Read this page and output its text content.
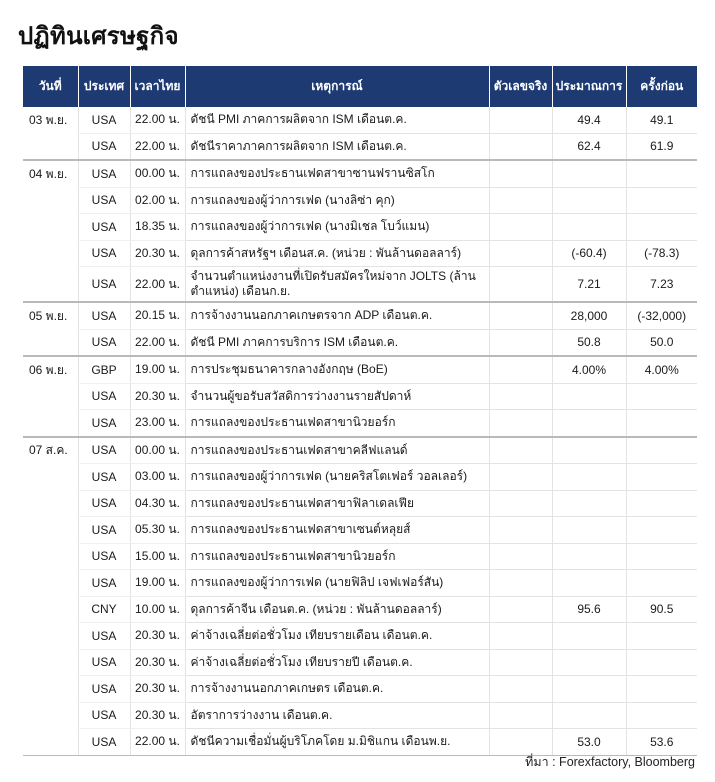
ปฏิทินเศรษฐกิจ
วันที่	ประเทศ	เวลาไทย	เหตุการณ์	ตัวเลขจริง	ประมาณการ	ครั้งก่อน
03 พ.ย.	USA	22.00 น.	ดัชนี PMI ภาคการผลิตจาก ISM เดือนต.ค.		49.4	49.1
	USA	22.00 น.	ดัชนีราคาภาคการผลิตจาก ISM เดือนต.ค.		62.4	61.9
04 พ.ย.	USA	00.00 น.	การแถลงของประธานเฟดสาขาซานฟรานซิสโก			
	USA	02.00 น.	การแถลงของผู้ว่าการเฟด (นางลิซ่า คุก)			
	USA	18.35 น.	การแถลงของผู้ว่าการเฟด (นางมิเชล โบว์แมน)			
	USA	20.30 น.	ดุลการค้าสหรัฐฯ เดือนส.ค. (หน่วย : พันล้านดอลลาร์)		(-60.4)	(-78.3)
	USA	22.00 น.	จำนวนตำแหน่งงานที่เปิดรับสมัครใหม่จาก JOLTS (ล้านตำแหน่ง) เดือนก.ย.		7.21	7.23
05 พ.ย.	USA	20.15 น.	การจ้างงานนอกภาคเกษตรจาก ADP เดือนต.ค.		28,000	(-32,000)
	USA	22.00 น.	ดัชนี PMI ภาคการบริการ ISM เดือนต.ค.		50.8	50.0
06 พ.ย.	GBP	19.00 น.	การประชุมธนาคารกลางอังกฤษ (BoE)		4.00%	4.00%
	USA	20.30 น.	จำนวนผู้ขอรับสวัสดิการว่างงานรายสัปดาห์			
	USA	23.00 น.	การแถลงของประธานเฟดสาขานิวยอร์ก			
07 ส.ค.	USA	00.00 น.	การแถลงของประธานเฟดสาขาคลีฟแลนด์			
	USA	03.00 น.	การแถลงของผู้ว่าการเฟด (นายคริสโตเฟอร์ วอลเลอร์)			
	USA	04.30 น.	การแถลงของประธานเฟดสาขาฟิลาเดลเฟีย			
	USA	05.30 น.	การแถลงของประธานเฟดสาขาเซนต์หลุยส์			
	USA	15.00 น.	การแถลงของประธานเฟดสาขานิวยอร์ก			
	USA	19.00 น.	การแถลงของผู้ว่าการเฟด (นายฟิลิป เจฟเฟอร์สัน)			
	CNY	10.00 น.	ดุลการค้าจีน เดือนต.ค. (หน่วย : พันล้านดอลลาร์)		95.6	90.5
	USA	20.30 น.	ค่าจ้างเฉลี่ยต่อชั่วโมง เทียบรายเดือน เดือนต.ค.			
	USA	20.30 น.	ค่าจ้างเฉลี่ยต่อชั่วโมง เทียบรายปี เดือนต.ค.			
	USA	20.30 น.	การจ้างงานนอกภาคเกษตร เดือนต.ค.			
	USA	20.30 น.	อัตราการว่างงาน เดือนต.ค.			
	USA	22.00 น.	ดัชนีความเชื่อมั่นผู้บริโภคโดย ม.มิชิแกน เดือนพ.ย.		53.0	53.6
ที่มา : Forexfactory, Bloomberg
